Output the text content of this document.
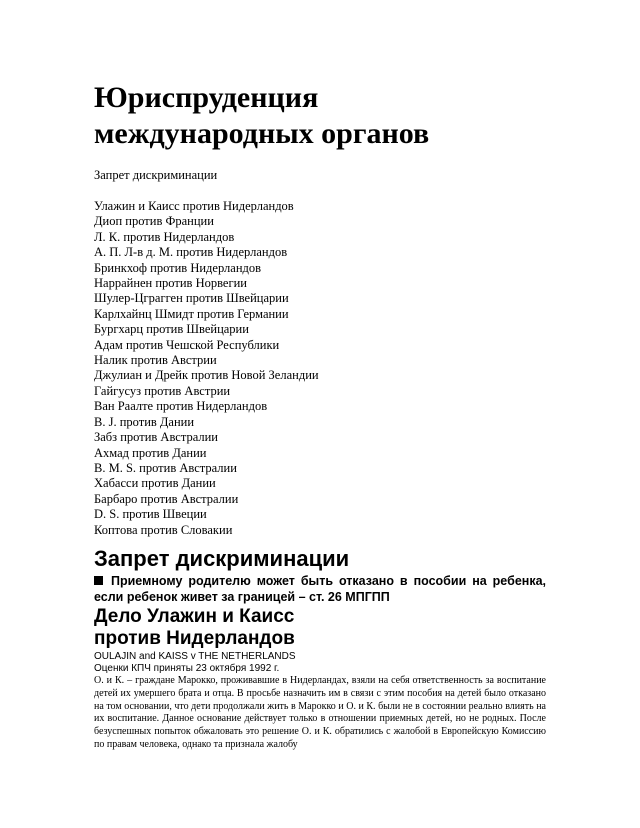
Юриспруденция
международных органов

Запрет дискриминации

Улажин и Каисс против Нидерландов
Диоп против Франции
Л. К. против Нидерландов
А. П. Л-в д. М. против Нидерландов
Бринкхоф против Нидерландов
Наррайнен против Норвегии
Шулер-Цграгген против Швейцарии
Карлхайнц Шмидт против Германии
Бургхарц против Швейцарии
Адам против Чешской Республики
Налик против Австрии
Джулиан и Дрейк против Новой Зеландии
Гайгусуз против Австрии
Ван Раалте против Нидерландов
В. J. против Дании
Забз против Австралии
Ахмад против Дании
В. M. S. против Австралии
Хабасси против Дании
Барбаро против Австралии
D. S. против Швеции
Коптова против Словакии
Запрет дискриминации

Приемному родителю может быть отказано в пособии на ребенка, если ребенок живет за границей – ст. 26 МПГПП

Дело Улажин и Каисс
против Нидерландов

OULAJIN and KAISS v THE NETHERLANDS

Оценки КПЧ приняты 23 октября 1992 г.

О. и К. – граждане Марокко, проживавшие в Нидерландах, взяли на себя ответственность за воспитание детей их умершего брата и отца. В просьбе назначить им в связи с этим пособия на детей было отказано на том основании, что дети продолжали жить в Марокко и О. и К. были не в состоянии реально влиять на их воспитание. Данное основание действует только в отношении приемных детей, но не родных. После безуспешных попыток обжаловать это решение О. и К. обратились с жалобой в Европейскую Комиссию по правам человека, однако та признала жалобу
